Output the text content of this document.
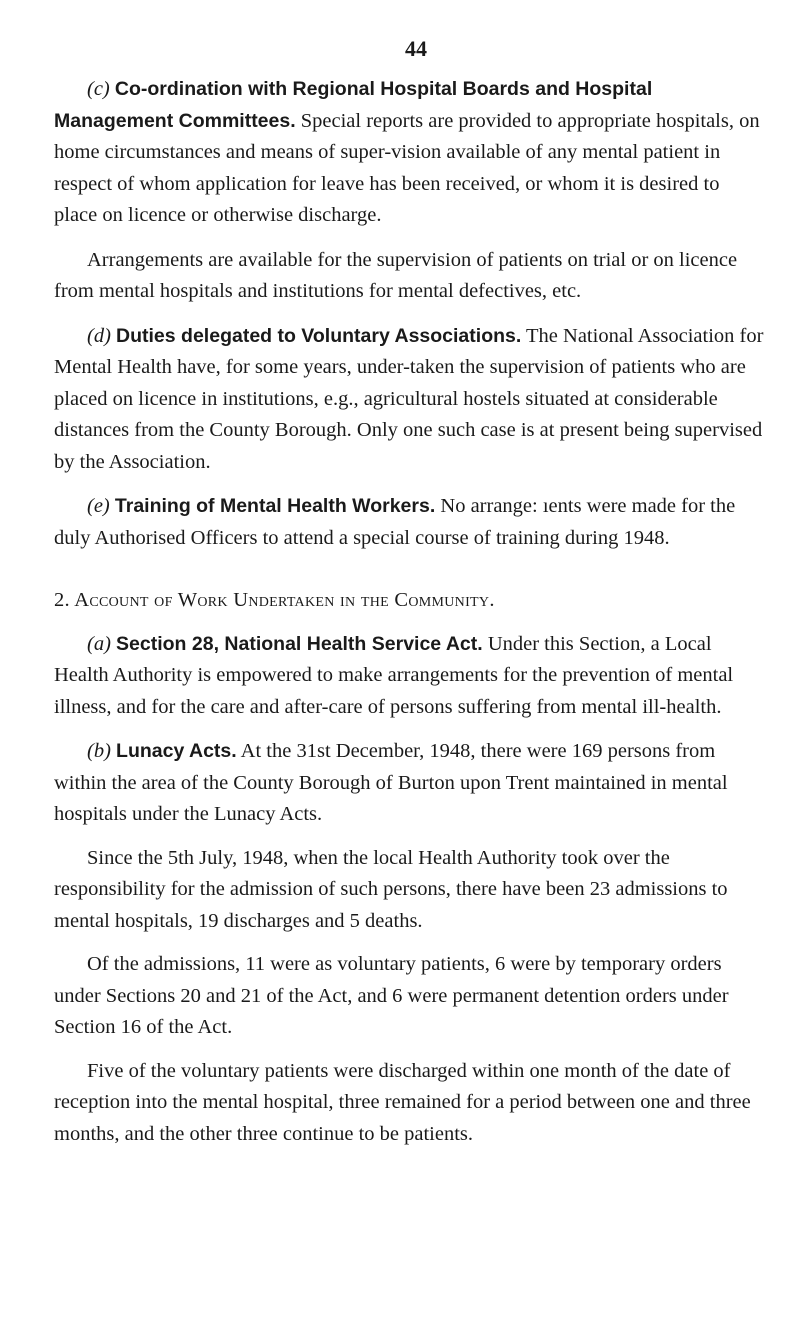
44

(c) Co-ordination with Regional Hospital Boards and Hospital Management Committees. Special reports are provided to appropriate hospitals, on home circumstances and means of super-vision available of any mental patient in respect of whom application for leave has been received, or whom it is desired to place on licence or otherwise discharge.

Arrangements are available for the supervision of patients on trial or on licence from mental hospitals and institutions for mental defectives, etc.

(d) Duties delegated to Voluntary Associations. The National Association for Mental Health have, for some years, under-taken the supervision of patients who are placed on licence in institutions, e.g., agricultural hostels situated at considerable distances from the County Borough. Only one such case is at present being supervised by the Association.

(e) Training of Mental Health Workers. No arrange: ıents were made for the duly Authorised Officers to attend a special course of training during 1948.

2. Account of Work Undertaken in the Community.

(a) Section 28, National Health Service Act. Under this Section, a Local Health Authority is empowered to make arrangements for the prevention of mental illness, and for the care and after-care of persons suffering from mental ill-health.

(b) Lunacy Acts. At the 31st December, 1948, there were 169 persons from within the area of the County Borough of Burton upon Trent maintained in mental hospitals under the Lunacy Acts.

Since the 5th July, 1948, when the local Health Authority took over the responsibility for the admission of such persons, there have been 23 admissions to mental hospitals, 19 discharges and 5 deaths.

Of the admissions, 11 were as voluntary patients, 6 were by temporary orders under Sections 20 and 21 of the Act, and 6 were permanent detention orders under Section 16 of the Act.

Five of the voluntary patients were discharged within one month of the date of reception into the mental hospital, three remained for a period between one and three months, and the other three continue to be patients.
